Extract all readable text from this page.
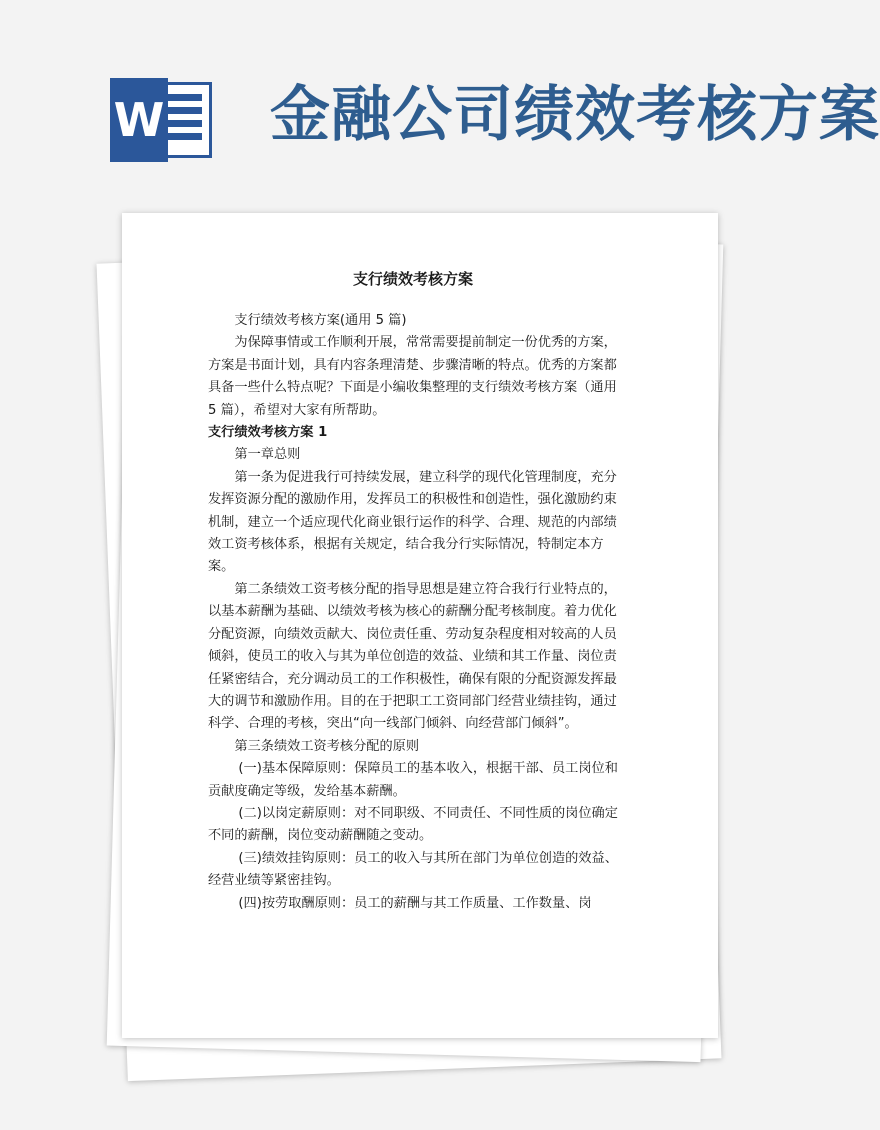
W 金融公司绩效考核方案
支行绩效考核方案

支行绩效考核方案(通用 5 篇)

为保障事情或工作顺利开展，常常需要提前制定一份优秀的方案，方案是书面计划，具有内容条理清楚、步骤清晰的特点。优秀的方案都具备一些什么特点呢？下面是小编收集整理的支行绩效考核方案（通用 5 篇），希望对大家有所帮助。

支行绩效考核方案 1

第一章总则

第一条为促进我行可持续发展，建立科学的现代化管理制度，充分发挥资源分配的激励作用，发挥员工的积极性和创造性，强化激励约束机制，建立一个适应现代化商业银行运作的科学、合理、规范的内部绩效工资考核体系，根据有关规定，结合我分行实际情况，特制定本方案。

第二条绩效工资考核分配的指导思想是建立符合我行行业特点的，以基本薪酬为基础、以绩效考核为核心的薪酬分配考核制度。着力优化分配资源，向绩效贡献大、岗位责任重、劳动复杂程度相对较高的人员倾斜，使员工的收入与其为单位创造的效益、业绩和其工作量、岗位责任紧密结合，充分调动员工的工作积极性，确保有限的分配资源发挥最大的调节和激励作用。目的在于把职工工资同部门经营业绩挂钩，通过科学、合理的考核，突出“向一线部门倾斜、向经营部门倾斜”。

第三条绩效工资考核分配的原则

(一)基本保障原则：保障员工的基本收入，根据干部、员工岗位和贡献度确定等级，发给基本薪酬。

(二)以岗定薪原则：对不同职级、不同责任、不同性质的岗位确定不同的薪酬，岗位变动薪酬随之变动。

(三)绩效挂钩原则：员工的收入与其所在部门为单位创造的效益、经营业绩等紧密挂钩。

(四)按劳取酬原则：员工的薪酬与其工作质量、工作数量、岗
